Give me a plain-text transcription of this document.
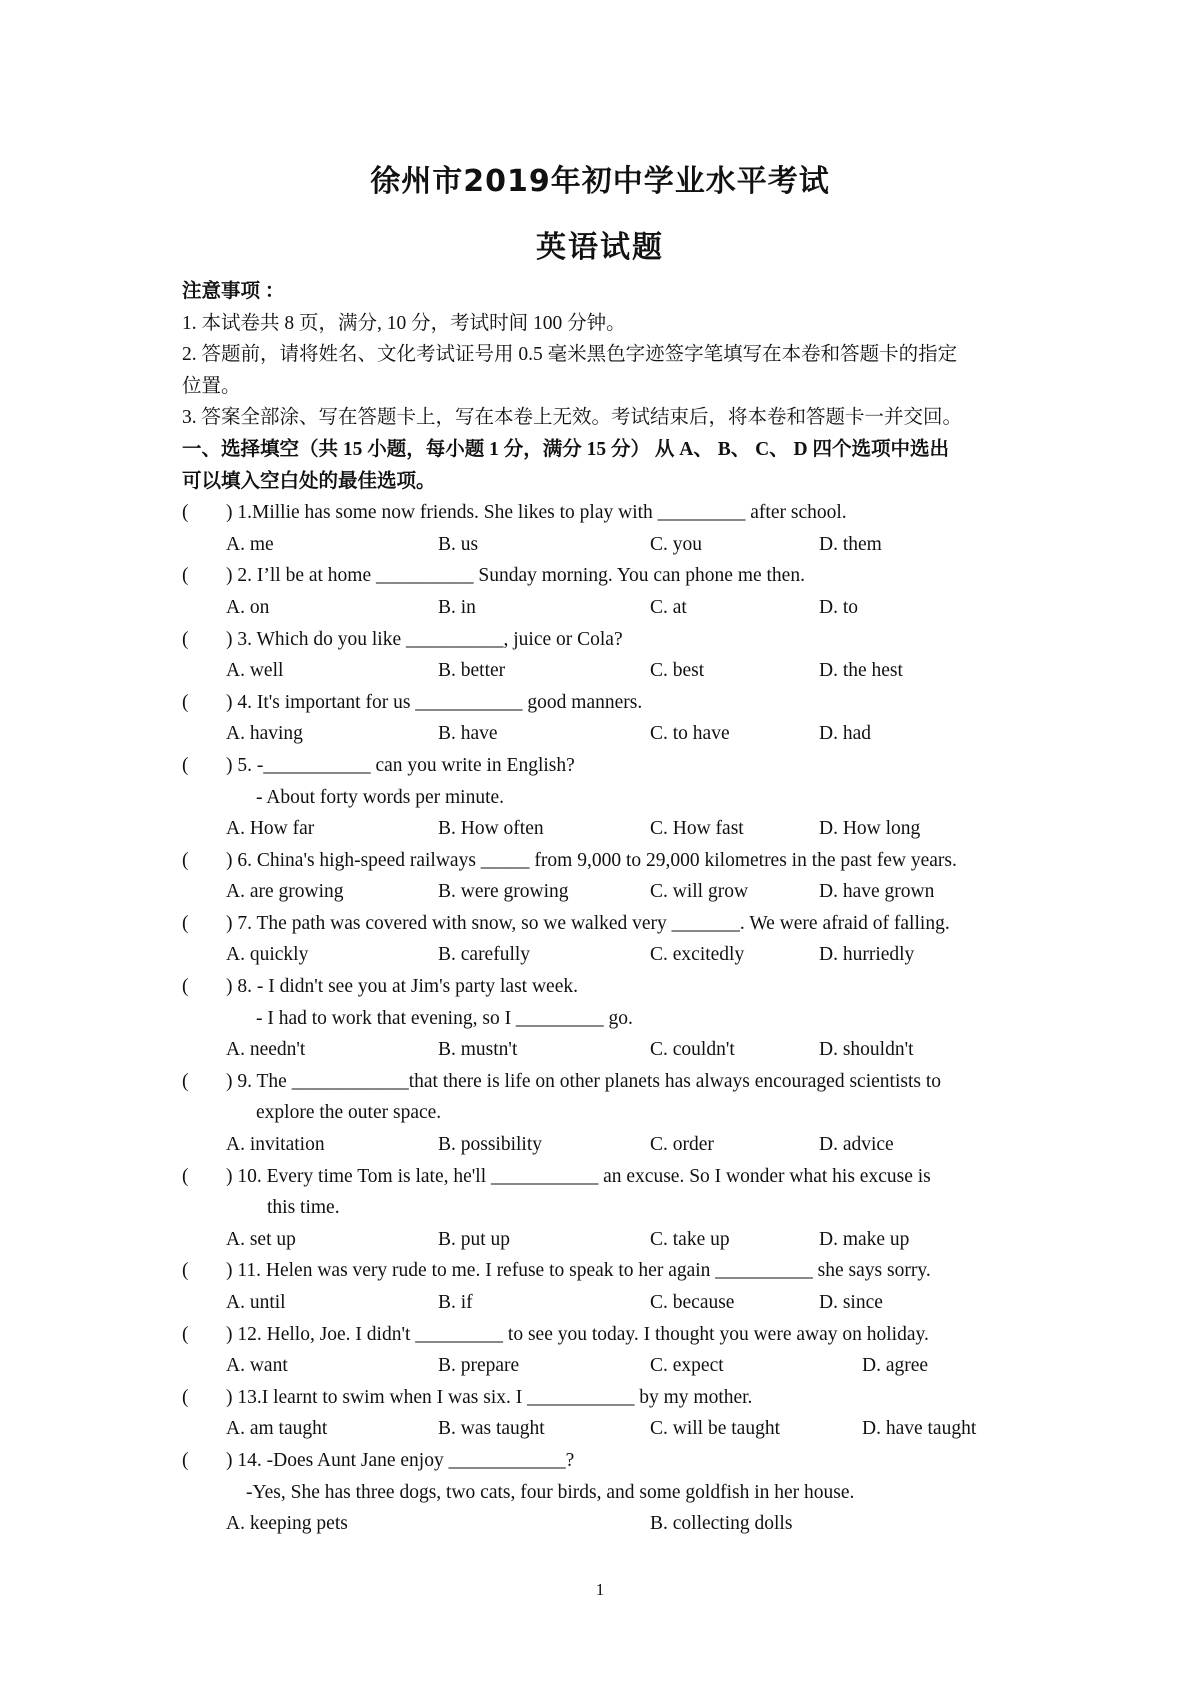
徐州市2019年初中学业水平考试
英语试题
注意事项 ：
1. 本试卷共 8 页，满分, 10 分，考试时间 100 分钟。
2. 答题前，请将姓名、文化考试证号用 0.5 毫米黑色字迹签字笔填写在本卷和答题卡的指定
位置。
3. 答案全部涂、写在答题卡上，写在本卷上无效。考试结束后，将本卷和答题卡一并交回。
一、选择填空（共 15 小题，每小题 1 分，满分 15 分） 从 A、 B、 C、 D 四个选项中选出
可以填入空白处的最佳选项。
( ) 1.Millie has some now friends. She likes to play with _________ after school.
A. me	B. us	C. you	D. them
( ) 2. I’ll be at home __________ Sunday morning. You can phone me then.
A. on	B. in	C. at	D. to
( ) 3. Which do you like __________, juice or Cola?
A. well	B. better	C. best	D. the hest
( ) 4. It's important for us ___________ good manners.
A. having	B. have	C. to have	D. had
( ) 5. -___________ can you write in English?
- About forty words per minute.
A. How far	B. How often	C. How fast	D. How long
( ) 6. China's high-speed railways _____ from 9,000 to 29,000 kilometres in the past few years.
A. are growing	B. were growing	C. will grow	D. have grown
( ) 7. The path was covered with snow, so we walked very _______. We were afraid of falling.
A. quickly	B. carefully	C. excitedly	D. hurriedly
( ) 8. - I didn't see you at Jim's party last week.
- I had to work that evening, so I _________ go.
A. needn't	B. mustn't	C. couldn't	D. shouldn't
( ) 9. The ____________that there is life on other planets has always encouraged scientists to
explore the outer space.
A. invitation	B. possibility	C. order	D. advice
( ) 10. Every time Tom is late, he'll ___________ an excuse. So I wonder what his excuse is
this time.
A. set up	B. put up	C. take up	D. make up
( ) 11. Helen was very rude to me. I refuse to speak to her again __________ she says sorry.
A. until	B. if	C. because	D. since
( ) 12. Hello, Joe. I didn't _________ to see you today. I thought you were away on holiday.
A. want	B. prepare	C. expect	D. agree
( ) 13.I learnt to swim when I was six. I ___________ by my mother.
A. am taught	B. was taught	C. will be taught	D. have taught
( ) 14. -Does Aunt Jane enjoy ____________?
-Yes, She has three dogs, two cats, four birds, and some goldfish in her house.
A. keeping pets	B. collecting dolls
1
